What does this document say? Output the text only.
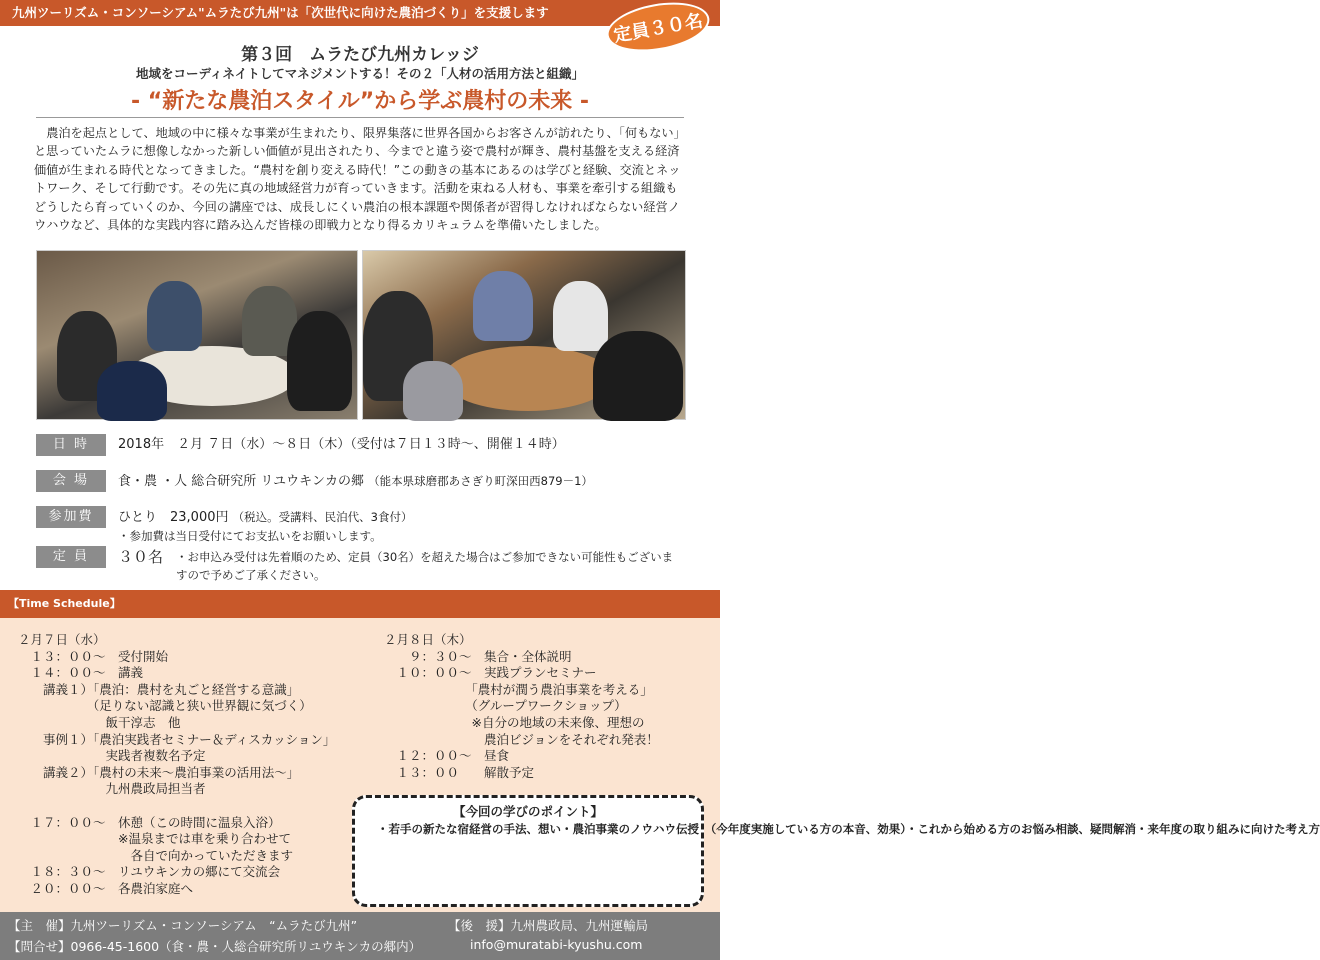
九州ツーリズム・コンソーシアム"ムラたび九州"は「次世代に向けた農泊づくり」を支援します	定員３０名
第３回　ムラたび九州カレッジ
地域をコーディネイトしてマネジメントする！その２「人材の活用方法と組織」
- “新たな農泊スタイル”から学ぶ農村の未来 -
農泊を起点として、地域の中に様々な事業が生まれたり、限界集落に世界各国からお客さんが訪れたり、「何もない」と思っていたムラに想像しなかった新しい価値が見出されたり、今までと違う姿で農村が輝き、農村基盤を支える経済価値が生まれる時代となってきました。“農村を創り変える時代！”この動きの基本にあるのは学びと経験、交流とネットワーク、そして行動です。その先に真の地域経営力が育っていきます。活動を束ねる人材も、事業を牽引する組織もどうしたら育っていくのか、今回の講座では、成長しにくい農泊の根本課題や関係者が習得しなければならない経営ノウハウなど、具体的な実践内容に踏み込んだ皆様の即戦力となり得るカリキュラムを準備いたしました。
日 時	2018年　２月 ７日（水）～８日（木）（受付は７日１３時～、開催１４時）
会 場	食・農 ・人 総合研究所 リユウキンカの郷 （能本県球磨郡あさぎり町深田西879－1）
参加費	ひとり　23,000円 （税込。受講料、民泊代、3食付）
・参加費は当日受付にてお支払いをお願いします。
定 員	３０名	・お申込み受付は先着順のため、定員（30名）を超えた場合はご参加できない可能性もございますので予めご了承ください。
【Time Schedule】
２月７日（水）
　１３：００～　受付開始
　１４：００～　講義
　　講義１）「農泊：農村を丸ごと経営する意識」
　　　　　　（足りない認識と狭い世界観に気づく）
　　　　　　　飯干淳志　他
　　事例１）「農泊実践者セミナー＆ディスカッション」
　　　　　　　実践者複数名予定
　　講義２）「農村の未来～農泊事業の活用法～」
　　　　　　　九州農政局担当者

　１７：００～　休憩（この時間に温泉入浴）
　　　　　　　　※温泉までは車を乗り合わせて
　　　　　　　　　各自で向かっていただきます
　１８：３０～　リユウキンカの郷にて交流会
　２０：００～　各農泊家庭へ
２月８日（木）
　　９：３０～　集合・全体説明
　１０：００～　実践プランセミナー
　　　　　　　「農村が潤う農泊事業を考える」
　　　　　　　（グループワークショップ）
　　　　　　　※自分の地域の未来像、理想の
　　　　　　　　農泊ビジョンをそれぞれ発表！
　１２：００～　昼食
　１３：００　　解散予定
【今回の学びのポイント】
・若手の新たな宿経営の手法、想い・農泊事業のノウハウ伝授　（今年度実施している方の本音、効果）・これから始める方のお悩み相談、疑問解消・来年度の取り組みに向けた考え方
【主　催】九州ツーリズム・コンソーシアム　“ムラたび九州”	【後　援】九州農政局、九州運輸局
【問合せ】0966-45-1600（食・農・人総合研究所リユウキンカの郷内）	info@muratabi-kyushu.com
